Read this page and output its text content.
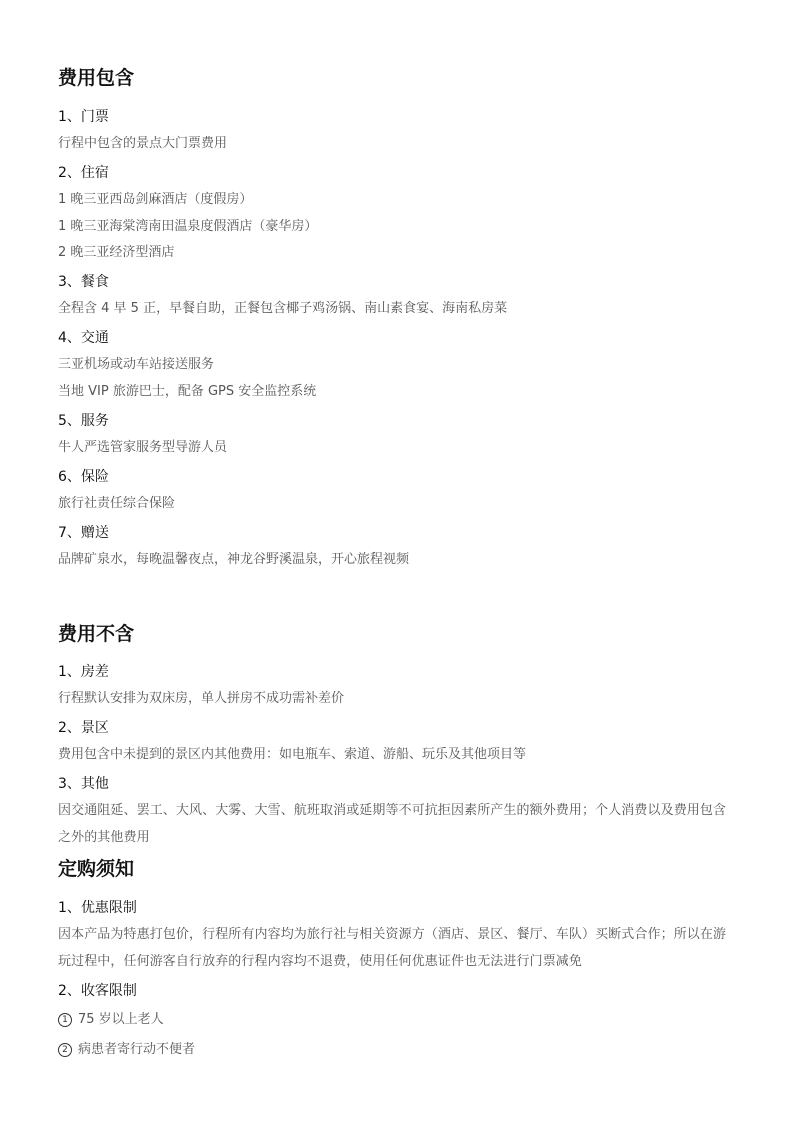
费用包含
1、门票
行程中包含的景点大门票费用
2、住宿
1 晚三亚西岛剑麻酒店（度假房）
1 晚三亚海棠湾南田温泉度假酒店（豪华房）
2 晚三亚经济型酒店
3、餐食
全程含 4 早 5 正，早餐自助，正餐包含椰子鸡汤锅、南山素食宴、海南私房菜
4、交通
三亚机场或动车站接送服务
当地 VIP 旅游巴士，配备 GPS 安全监控系统
5、服务
牛人严选管家服务型导游人员
6、保险
旅行社责任综合保险
7、赠送
品牌矿泉水，每晚温馨夜点，神龙谷野溪温泉，开心旅程视频
费用不含
1、房差
行程默认安排为双床房，单人拼房不成功需补差价
2、景区
费用包含中未提到的景区内其他费用：如电瓶车、索道、游船、玩乐及其他项目等
3、其他
因交通阻延、罢工、大风、大雾、大雪、航班取消或延期等不可抗拒因素所产生的额外费用；个人消费以及费用包含之外的其他费用
定购须知
1、优惠限制
因本产品为特惠打包价，行程所有内容均为旅行社与相关资源方（酒店、景区、餐厅、车队）买断式合作；所以在游玩过程中，任何游客自行放弃的行程内容均不退费，使用任何优惠证件也无法进行门票减免
2、收客限制
1 75 岁以上老人
2 病患者寄行动不便者
